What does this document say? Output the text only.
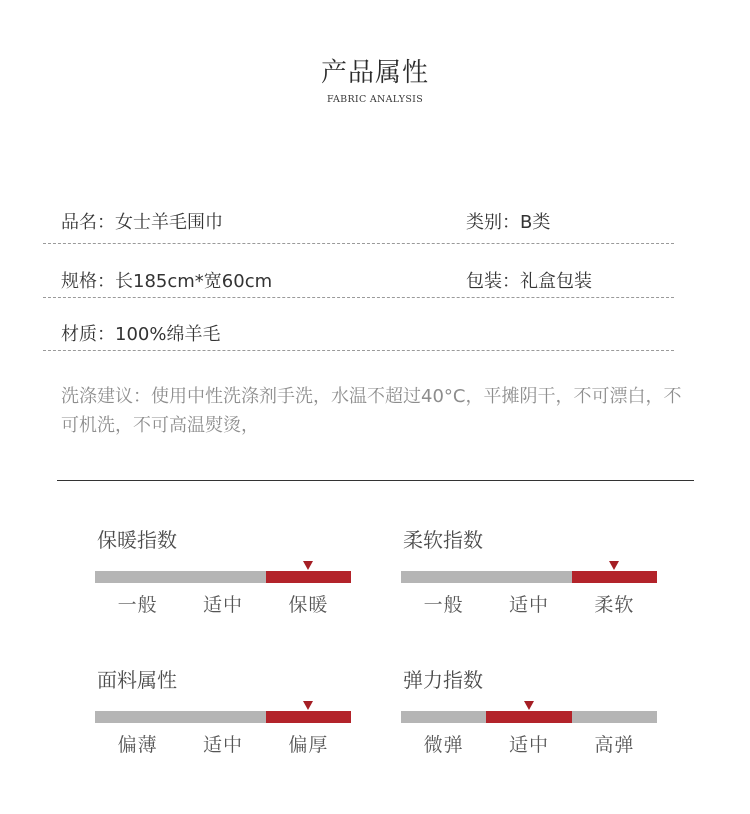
产品属性
FABRIC ANALYSIS
品名：女士羊毛围巾	类别：B类
规格：长185cm*宽60cm	包装：礼盒包装
材质：100%绵羊毛
洗涤建议：使用中性洗涤剂手洗，水温不超过40°C，平摊阴干，不可漂白，不可机洗，不可高温熨烫，
保暖指数
一般	适中	保暖
柔软指数
一般	适中	柔软
面料属性
偏薄	适中	偏厚
弹力指数
微弹	适中	高弹
